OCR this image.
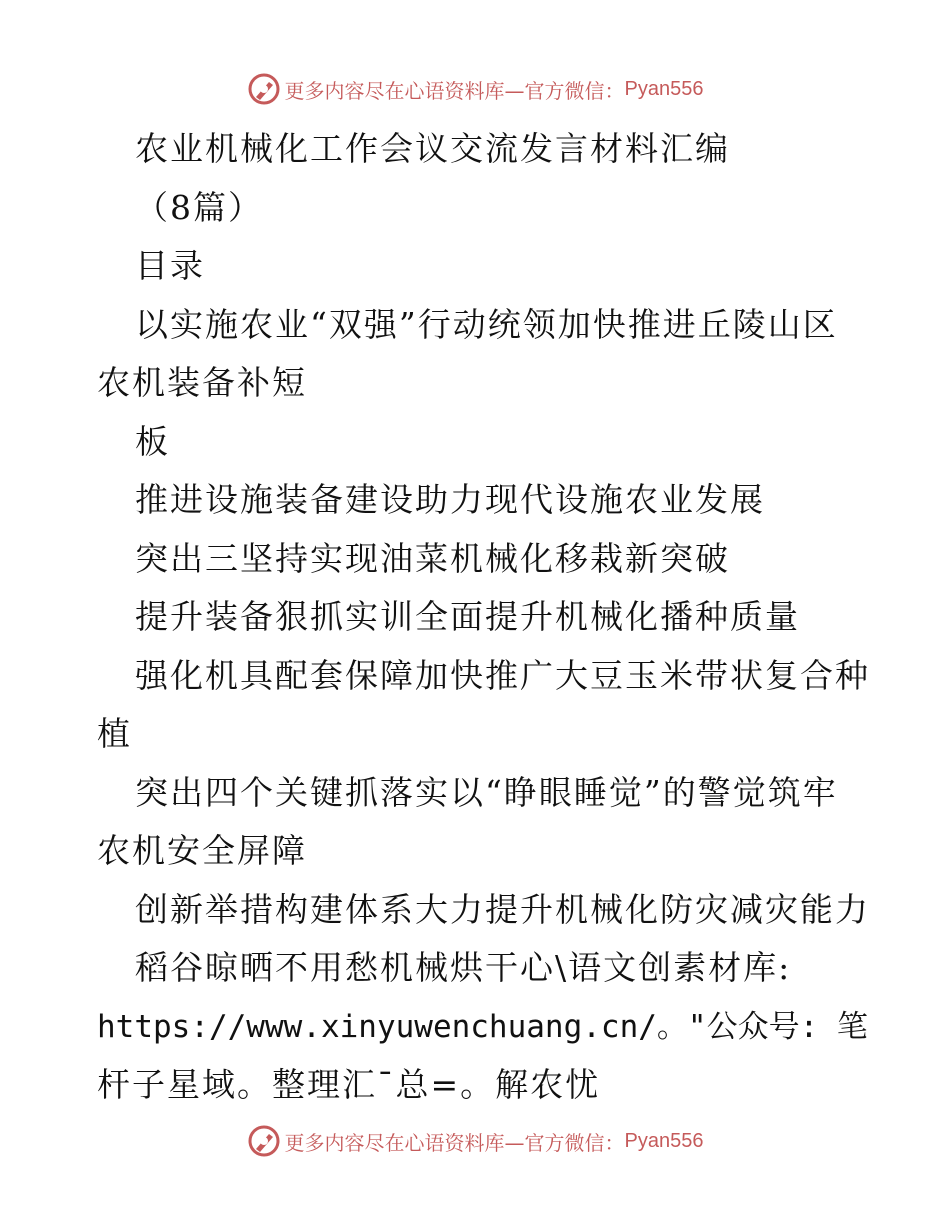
更多内容尽在心语资料库—官方微信： Pyan556
农业机械化工作会议交流发言材料汇编
（8篇）
目录
以实施农业“双强”行动统领加快推进丘陵山区
农机装备补短
板
推进设施装备建设助力现代设施农业发展
突出三坚持实现油菜机械化移栽新突破
提升装备狠抓实训全面提升机械化播种质量
强化机具配套保障加快推广大豆玉米带状复合种
植
突出四个关键抓落实以“睁眼睡觉”的警觉筑牢
农机安全屏障
创新举措构建体系大力提升机械化防灾减灾能力
稻谷晾晒不用愁机械烘干心\语文创素材库:
https://www.xinyuwenchuang.cn/。"公众号: 笔
杆子星域。整理汇¯总=。解农忧
更多内容尽在心语资料库—官方微信： Pyan556
